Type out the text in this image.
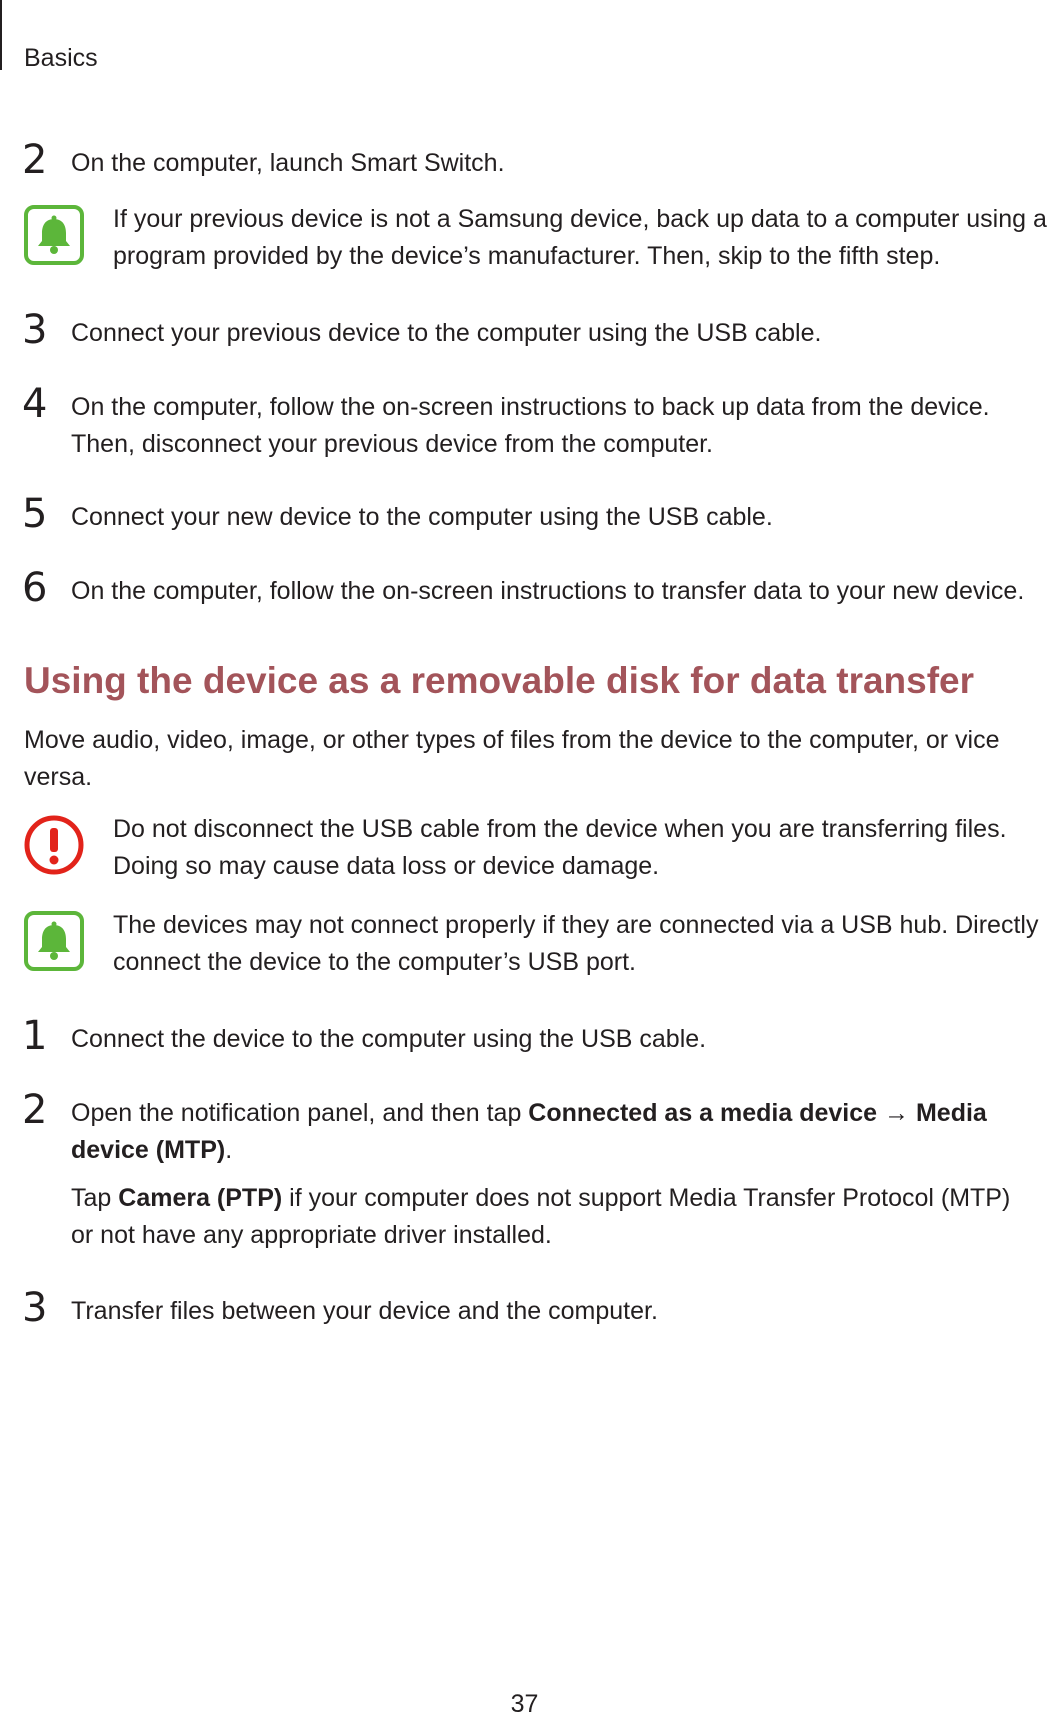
Basics
2 On the computer, launch Smart Switch.
If your previous device is not a Samsung device, back up data to a computer using a program provided by the device’s manufacturer. Then, skip to the fifth step.
3 Connect your previous device to the computer using the USB cable.
4 On the computer, follow the on-screen instructions to back up data from the device. Then, disconnect your previous device from the computer.
5 Connect your new device to the computer using the USB cable.
6 On the computer, follow the on-screen instructions to transfer data to your new device.
Using the device as a removable disk for data transfer
Move audio, video, image, or other types of files from the device to the computer, or vice versa.
Do not disconnect the USB cable from the device when you are transferring files. Doing so may cause data loss or device damage.
The devices may not connect properly if they are connected via a USB hub. Directly connect the device to the computer’s USB port.
1 Connect the device to the computer using the USB cable.
2 Open the notification panel, and then tap Connected as a media device → Media device (MTP).
Tap Camera (PTP) if your computer does not support Media Transfer Protocol (MTP) or not have any appropriate driver installed.
3 Transfer files between your device and the computer.
37
